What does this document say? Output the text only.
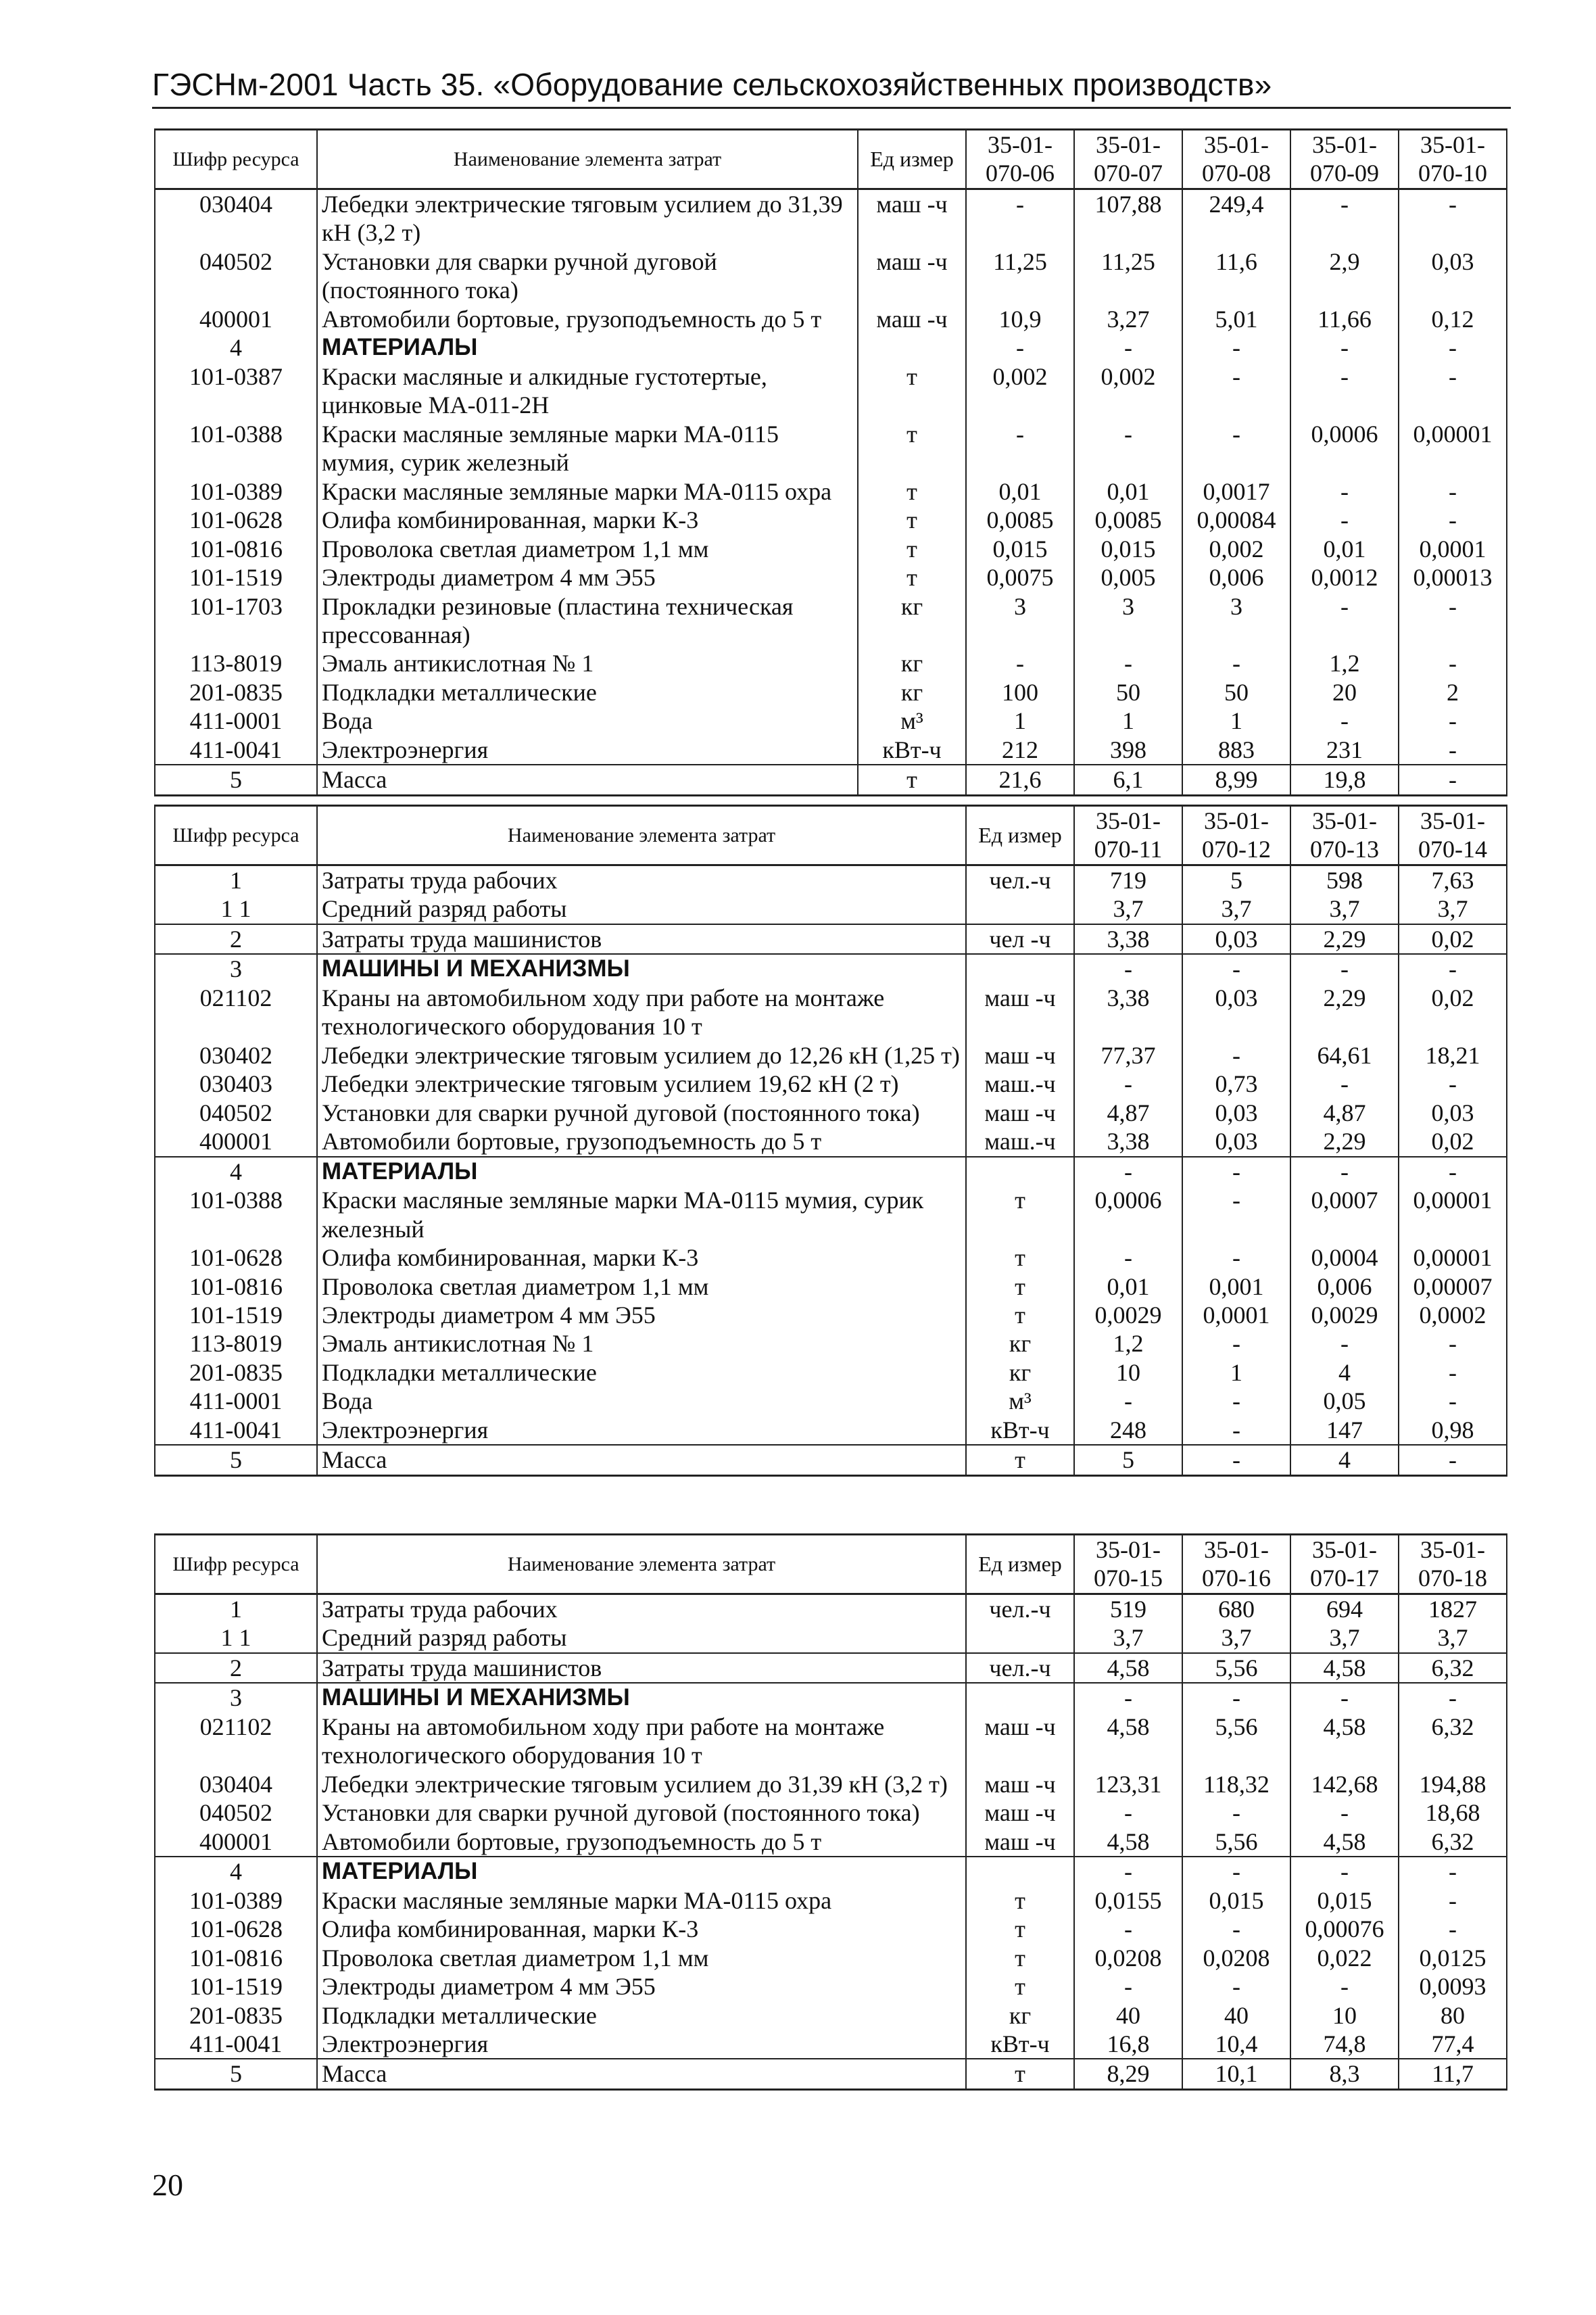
ГЭСНм-2001 Часть 35. «Оборудование сельскохозяйственных производств»
Шифр ресурса	Наименование элемента затрат	Ед измер	35-01-070-06	35-01-070-07	35-01-070-08	35-01-070-09	35-01-070-10
030404	Лебедки электрические тяговым усилием до 31,39 кН (3,2 т)	маш -ч	-	107,88	249,4	-	-
040502	Установки для сварки ручной дуговой (постоянного тока)	маш -ч	11,25	11,25	11,6	2,9	0,03
400001	Автомобили бортовые, грузоподъемность до 5 т	маш -ч	10,9	3,27	5,01	11,66	0,12
4	МАТЕРИАЛЫ		-	-	-	-	-
101-0387	Краски масляные и алкидные густотертые, цинковые МА-011-2Н	т	0,002	0,002	-	-	-
101-0388	Краски масляные земляные марки МА-0115 мумия, сурик железный	т	-	-	-	0,0006	0,00001
101-0389	Краски масляные земляные марки МА-0115 охра	т	0,01	0,01	0,0017	-	-
101-0628	Олифа комбинированная, марки К-3	т	0,0085	0,0085	0,00084	-	-
101-0816	Проволока светлая диаметром 1,1 мм	т	0,015	0,015	0,002	0,01	0,0001
101-1519	Электроды диаметром 4 мм Э55	т	0,0075	0,005	0,006	0,0012	0,00013
101-1703	Прокладки резиновые (пластина техническая прессованная)	кг	3	3	3	-	-
113-8019	Эмаль антикислотная № 1	кг	-	-	-	1,2	-
201-0835	Подкладки металлические	кг	100	50	50	20	2
411-0001	Вода	м³	1	1	1	-	-
411-0041	Электроэнергия	кВт-ч	212	398	883	231	-
5	Масса	т	21,6	6,1	8,99	19,8	-
Шифр ресурса	Наименование элемента затрат	Ед измер	35-01-070-11	35-01-070-12	35-01-070-13	35-01-070-14
1	Затраты труда рабочих	чел.-ч	719	5	598	7,63
1 1	Средний разряд работы		3,7	3,7	3,7	3,7
2	Затраты труда машинистов	чел -ч	3,38	0,03	2,29	0,02
3	МАШИНЫ И МЕХАНИЗМЫ		-	-	-	-
021102	Краны на автомобильном ходу при работе на монтаже технологического оборудования 10 т	маш -ч	3,38	0,03	2,29	0,02
030402	Лебедки электрические тяговым усилием до 12,26 кН (1,25 т)	маш -ч	77,37	-	64,61	18,21
030403	Лебедки электрические тяговым усилием 19,62 кН (2 т)	маш.-ч	-	0,73	-	-
040502	Установки для сварки ручной дуговой (постоянного тока)	маш -ч	4,87	0,03	4,87	0,03
400001	Автомобили бортовые, грузоподъемность до 5 т	маш.-ч	3,38	0,03	2,29	0,02
4	МАТЕРИАЛЫ		-	-	-	-
101-0388	Краски масляные земляные марки МА-0115 мумия, сурик железный	т	0,0006	-	0,0007	0,00001
101-0628	Олифа комбинированная, марки К-3	т	-	-	0,0004	0,00001
101-0816	Проволока светлая диаметром 1,1 мм	т	0,01	0,001	0,006	0,00007
101-1519	Электроды диаметром 4 мм Э55	т	0,0029	0,0001	0,0029	0,0002
113-8019	Эмаль антикислотная № 1	кг	1,2	-	-	-
201-0835	Подкладки металлические	кг	10	1	4	-
411-0001	Вода	м³	-	-	0,05	-
411-0041	Электроэнергия	кВт-ч	248	-	147	0,98
5	Масса	т	5	-	4	-
Шифр ресурса	Наименование элемента затрат	Ед измер	35-01-070-15	35-01-070-16	35-01-070-17	35-01-070-18
1	Затраты труда рабочих	чел.-ч	519	680	694	1827
1 1	Средний разряд работы		3,7	3,7	3,7	3,7
2	Затраты труда машинистов	чел.-ч	4,58	5,56	4,58	6,32
3	МАШИНЫ И МЕХАНИЗМЫ		-	-	-	-
021102	Краны на автомобильном ходу при работе на монтаже технологического оборудования 10 т	маш -ч	4,58	5,56	4,58	6,32
030404	Лебедки электрические тяговым усилием до 31,39 кН (3,2 т)	маш -ч	123,31	118,32	142,68	194,88
040502	Установки для сварки ручной дуговой (постоянного тока)	маш -ч	-	-	-	18,68
400001	Автомобили бортовые, грузоподъемность до 5 т	маш -ч	4,58	5,56	4,58	6,32
4	МАТЕРИАЛЫ		-	-	-	-
101-0389	Краски масляные земляные марки МА-0115 охра	т	0,0155	0,015	0,015	-
101-0628	Олифа комбинированная, марки К-3	т	-	-	0,00076	-
101-0816	Проволока светлая диаметром 1,1 мм	т	0,0208	0,0208	0,022	0,0125
101-1519	Электроды диаметром 4 мм Э55	т	-	-	-	0,0093
201-0835	Подкладки металлические	кг	40	40	10	80
411-0041	Электроэнергия	кВт-ч	16,8	10,4	74,8	77,4
5	Масса	т	8,29	10,1	8,3	11,7
20
